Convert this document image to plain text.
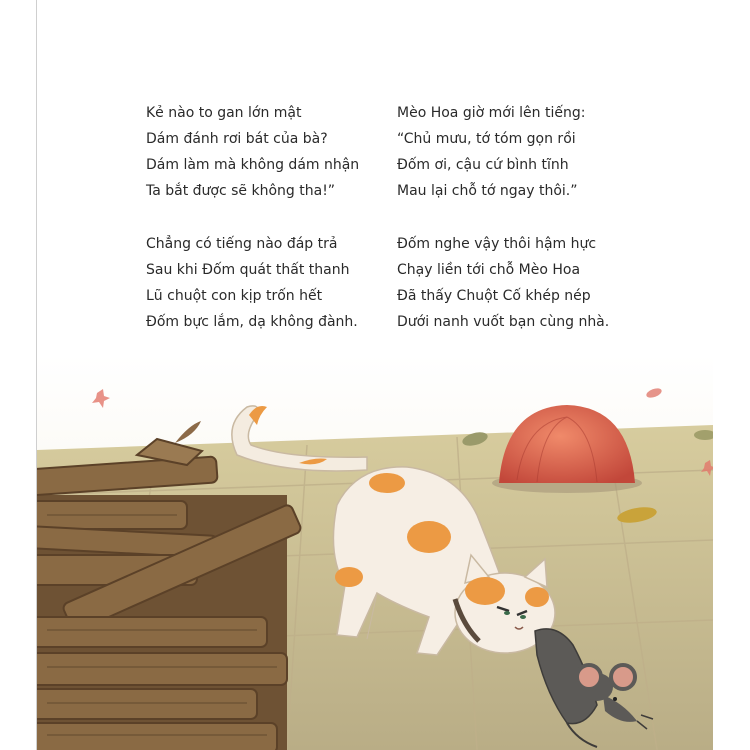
Kẻ nào to gan lớn mật
Dám đánh rơi bát của bà?
Dám làm mà không dám nhận
Ta bắt được sẽ không tha!”
Chẳng có tiếng nào đáp trả
Sau khi Đốm quát thất thanh
Lũ chuột con kịp trốn hết
Đốm bực lắm, dạ không đành.
Mèo Hoa giờ mới lên tiếng:
“Chủ mưu, tớ tóm gọn rồi
Đốm ơi, cậu cứ bình tĩnh
Mau lại chỗ tớ ngay thôi.”
Đốm nghe vậy thôi hậm hực
Chạy liền tới chỗ Mèo Hoa
Đã thấy Chuột Cố khép nép
Dưới nanh vuốt bạn cùng nhà.
